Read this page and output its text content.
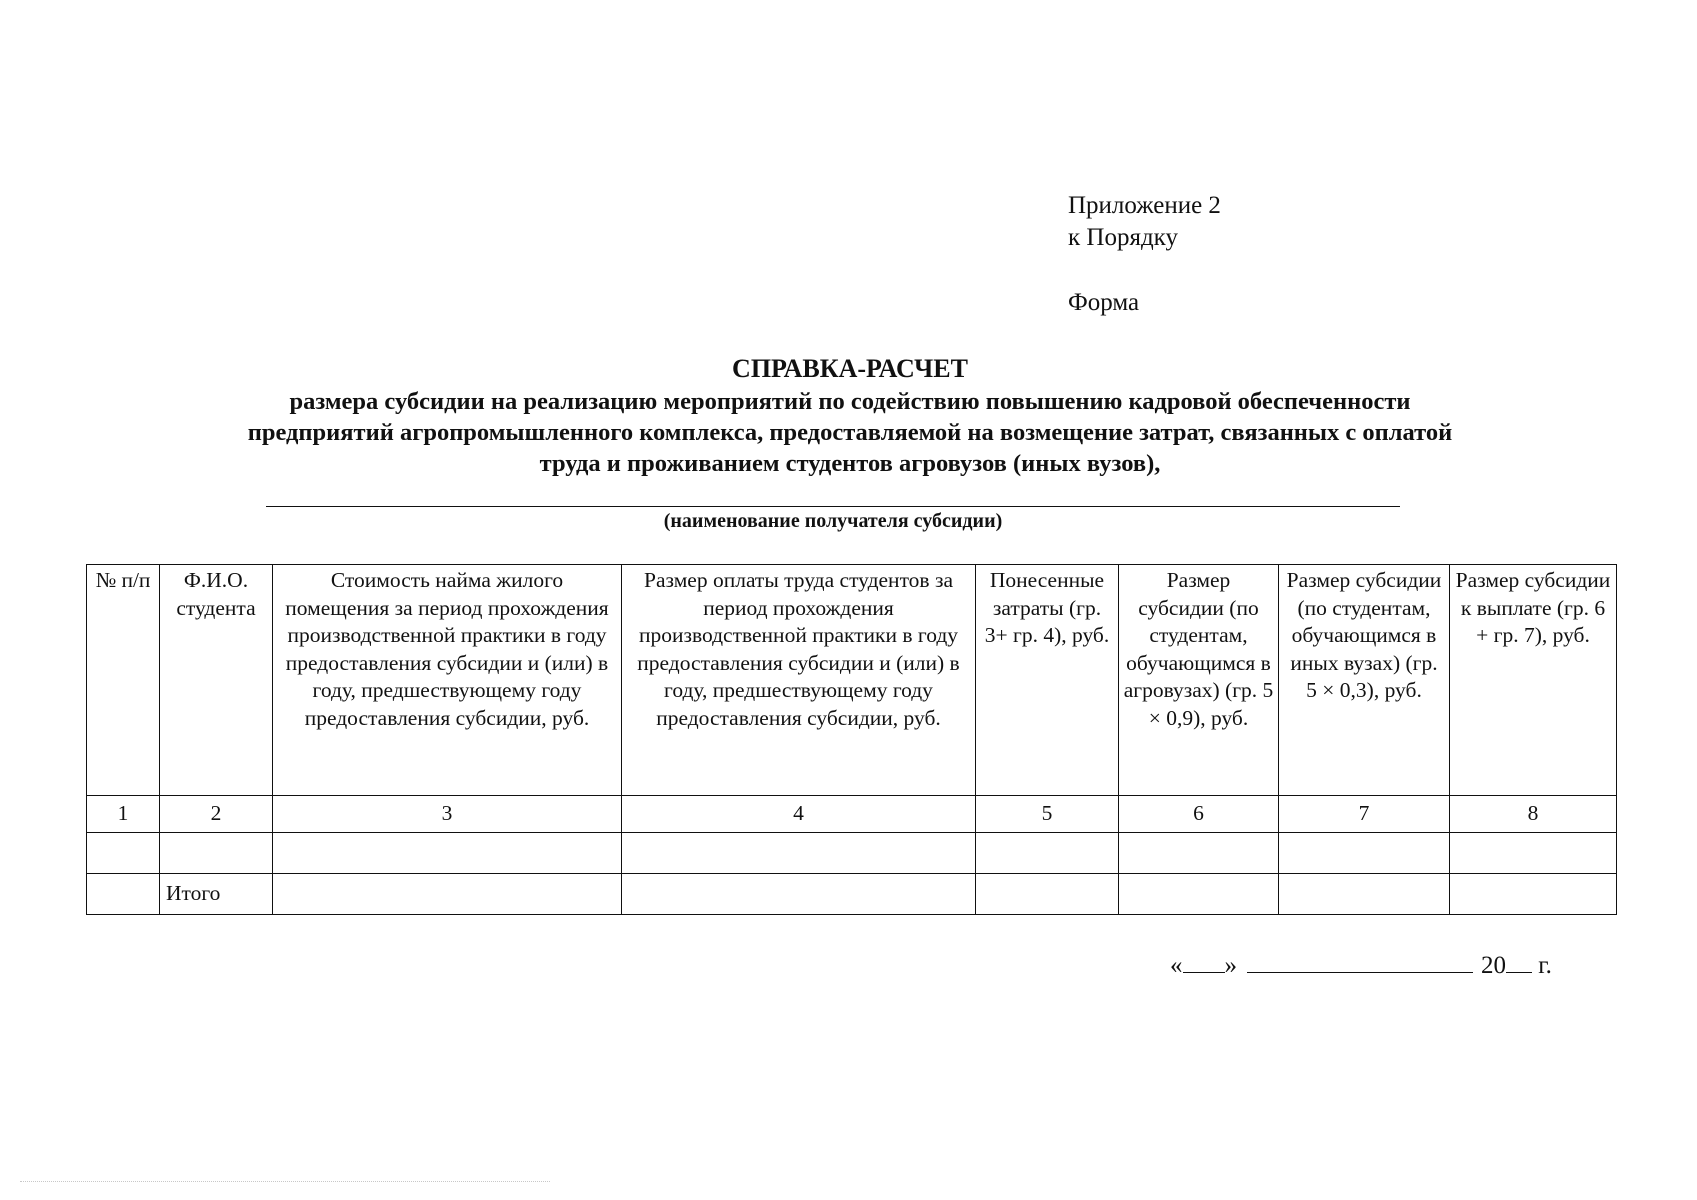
Приложение 2
к Порядку
Форма
СПРАВКА-РАСЧЕТ
размера субсидии на реализацию мероприятий по содействию повышению кадровой обеспеченности
предприятий агропромышленного комплекса, предоставляемой на возмещение затрат, связанных с оплатой
труда и проживанием студентов агровузов (иных вузов),
(наименование получателя субсидии)
№ п/п	Ф.И.О. студента	Стоимость найма жилого помещения за период прохождения производственной практики в году предоставления субсидии и (или) в году, предшествующему году предоставления субсидии, руб.	Размер оплаты труда студентов за период прохождения производственной практики в году предоставления субсидии и (или) в году, предшествующему году предоставления субсидии, руб.	Понесенные затраты (гр. 3+ гр. 4), руб.	Размер субсидии (по студентам, обучающимся в агровузах) (гр. 5 × 0,9), руб.	Размер субсидии (по студентам, обучающимся в иных вузах) (гр. 5 × 0,3), руб.	Размер субсидии к выплате (гр. 6 + гр. 7), руб.
1	2	3	4	5	6	7	8

	Итого						
« »	20 г.
